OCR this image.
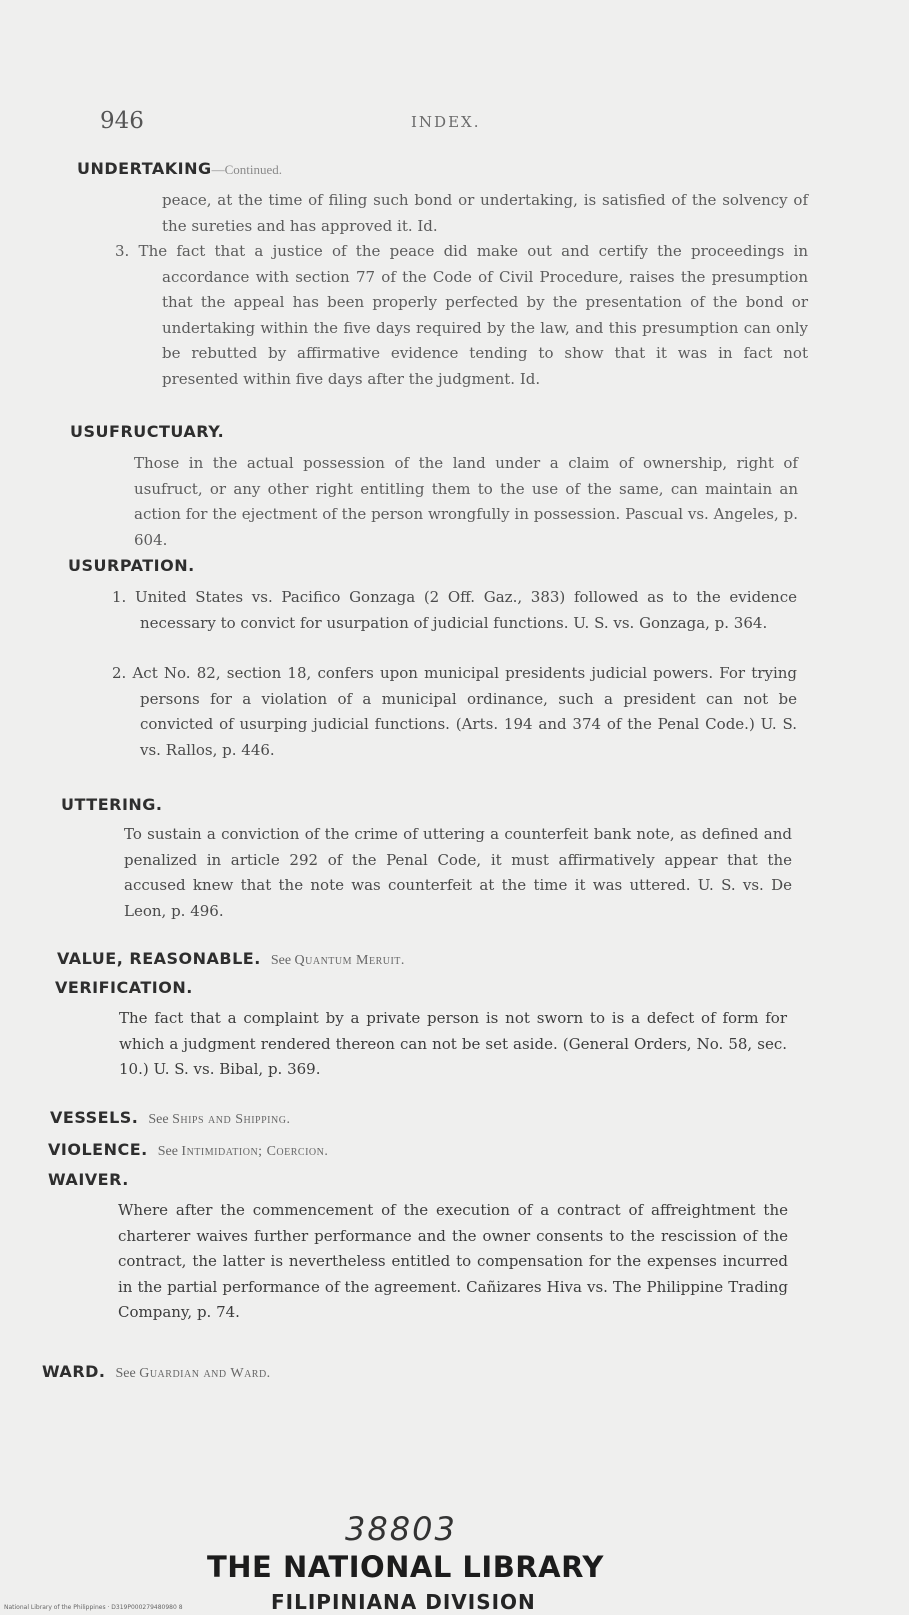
946	INDEX.
UNDERTAKING—Continued.
peace, at the time of filing such bond or undertaking, is satisfied of the solvency of the sureties and has approved it. Id.
3. The fact that a justice of the peace did make out and certify the proceedings in accordance with section 77 of the Code of Civil Procedure, raises the presumption that the appeal has been properly perfected by the presentation of the bond or undertaking within the five days required by the law, and this presumption can only be rebutted by affirmative evidence tending to show that it was in fact not presented within five days after the judgment. Id.
USUFRUCTUARY.
Those in the actual possession of the land under a claim of ownership, right of usufruct, or any other right entitling them to the use of the same, can maintain an action for the ejectment of the person wrongfully in possession. Pascual vs. Angeles, p. 604.
USURPATION.
1. United States vs. Pacifico Gonzaga (2 Off. Gaz., 383) followed as to the evidence necessary to convict for usurpation of judicial functions. U. S. vs. Gonzaga, p. 364.
2. Act No. 82, section 18, confers upon municipal presidents judicial powers. For trying persons for a violation of a municipal ordinance, such a president can not be convicted of usurping judicial functions. (Arts. 194 and 374 of the Penal Code.) U. S. vs. Rallos, p. 446.
UTTERING.
To sustain a conviction of the crime of uttering a counterfeit bank note, as defined and penalized in article 292 of the Penal Code, it must affirmatively appear that the accused knew that the note was counterfeit at the time it was uttered. U. S. vs. De Leon, p. 496.
VALUE, REASONABLE. See Quantum Meruit.
VERIFICATION.
The fact that a complaint by a private person is not sworn to is a defect of form for which a judgment rendered thereon can not be set aside. (General Orders, No. 58, sec. 10.) U. S. vs. Bibal, p. 369.
VESSELS. See Ships and Shipping.
VIOLENCE. See Intimidation; Coercion.
WAIVER.
Where after the commencement of the execution of a contract of affreightment the charterer waives further performance and the owner consents to the rescission of the contract, the latter is nevertheless entitled to compensation for the expenses incurred in the partial performance of the agreement. Cañizares Hiva vs. The Philippine Trading Company, p. 74.
WARD. See Guardian and Ward.
38803
THE NATIONAL LIBRARY
FILIPINIANA DIVISION
National Library of the Philippines · D319P000279480980 8
